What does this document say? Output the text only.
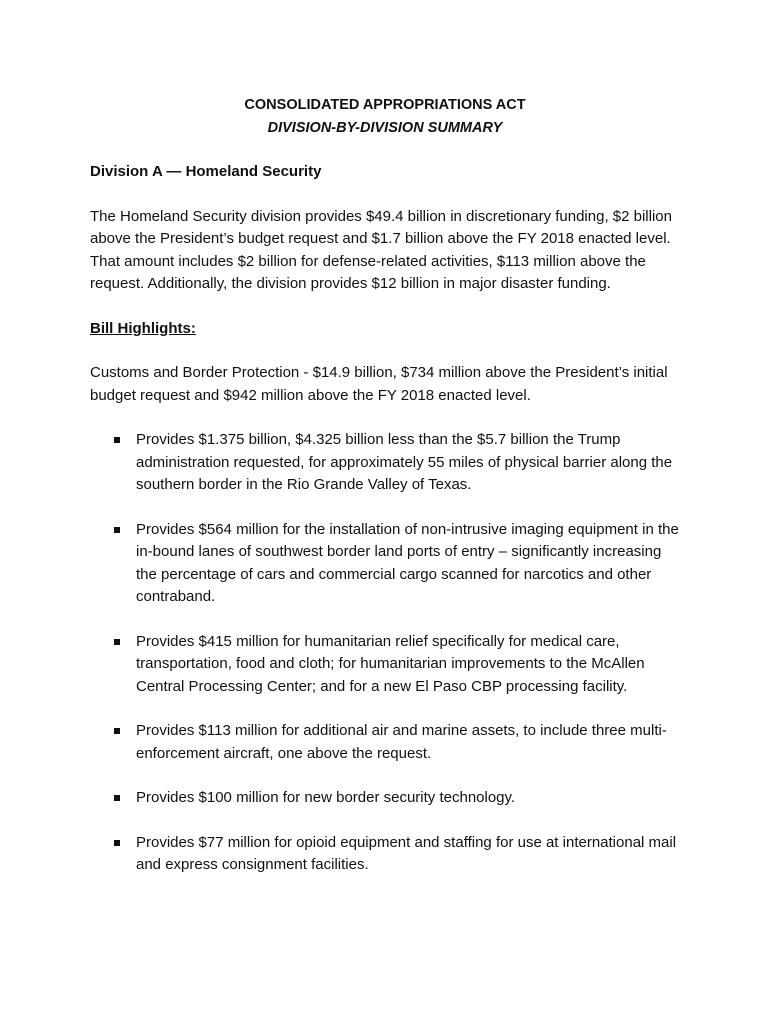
CONSOLIDATED APPROPRIATIONS ACT
DIVISION-BY-DIVISION SUMMARY
Division A — Homeland Security

The Homeland Security division provides $49.4 billion in discretionary funding, $2 billion above the President’s budget request and $1.7 billion above the FY 2018 enacted level. That amount includes $2 billion for defense-related activities, $113 million above the request. Additionally, the division provides $12 billion in major disaster funding.

Bill Highlights:

Customs and Border Protection - $14.9 billion, $734 million above the President’s initial budget request and $942 million above the FY 2018 enacted level.

Provides $1.375 billion, $4.325 billion less than the $5.7 billion the Trump administration requested, for approximately 55 miles of physical barrier along the southern border in the Rio Grande Valley of Texas.
Provides $564 million for the installation of non-intrusive imaging equipment in the in-bound lanes of southwest border land ports of entry – significantly increasing the percentage of cars and commercial cargo scanned for narcotics and other contraband.
Provides $415 million for humanitarian relief specifically for medical care, transportation, food and cloth; for humanitarian improvements to the McAllen Central Processing Center; and for a new El Paso CBP processing facility.
Provides $113 million for additional air and marine assets, to include three multi-enforcement aircraft, one above the request.
Provides $100 million for new border security technology.
Provides $77 million for opioid equipment and staffing for use at international mail and express consignment facilities.
